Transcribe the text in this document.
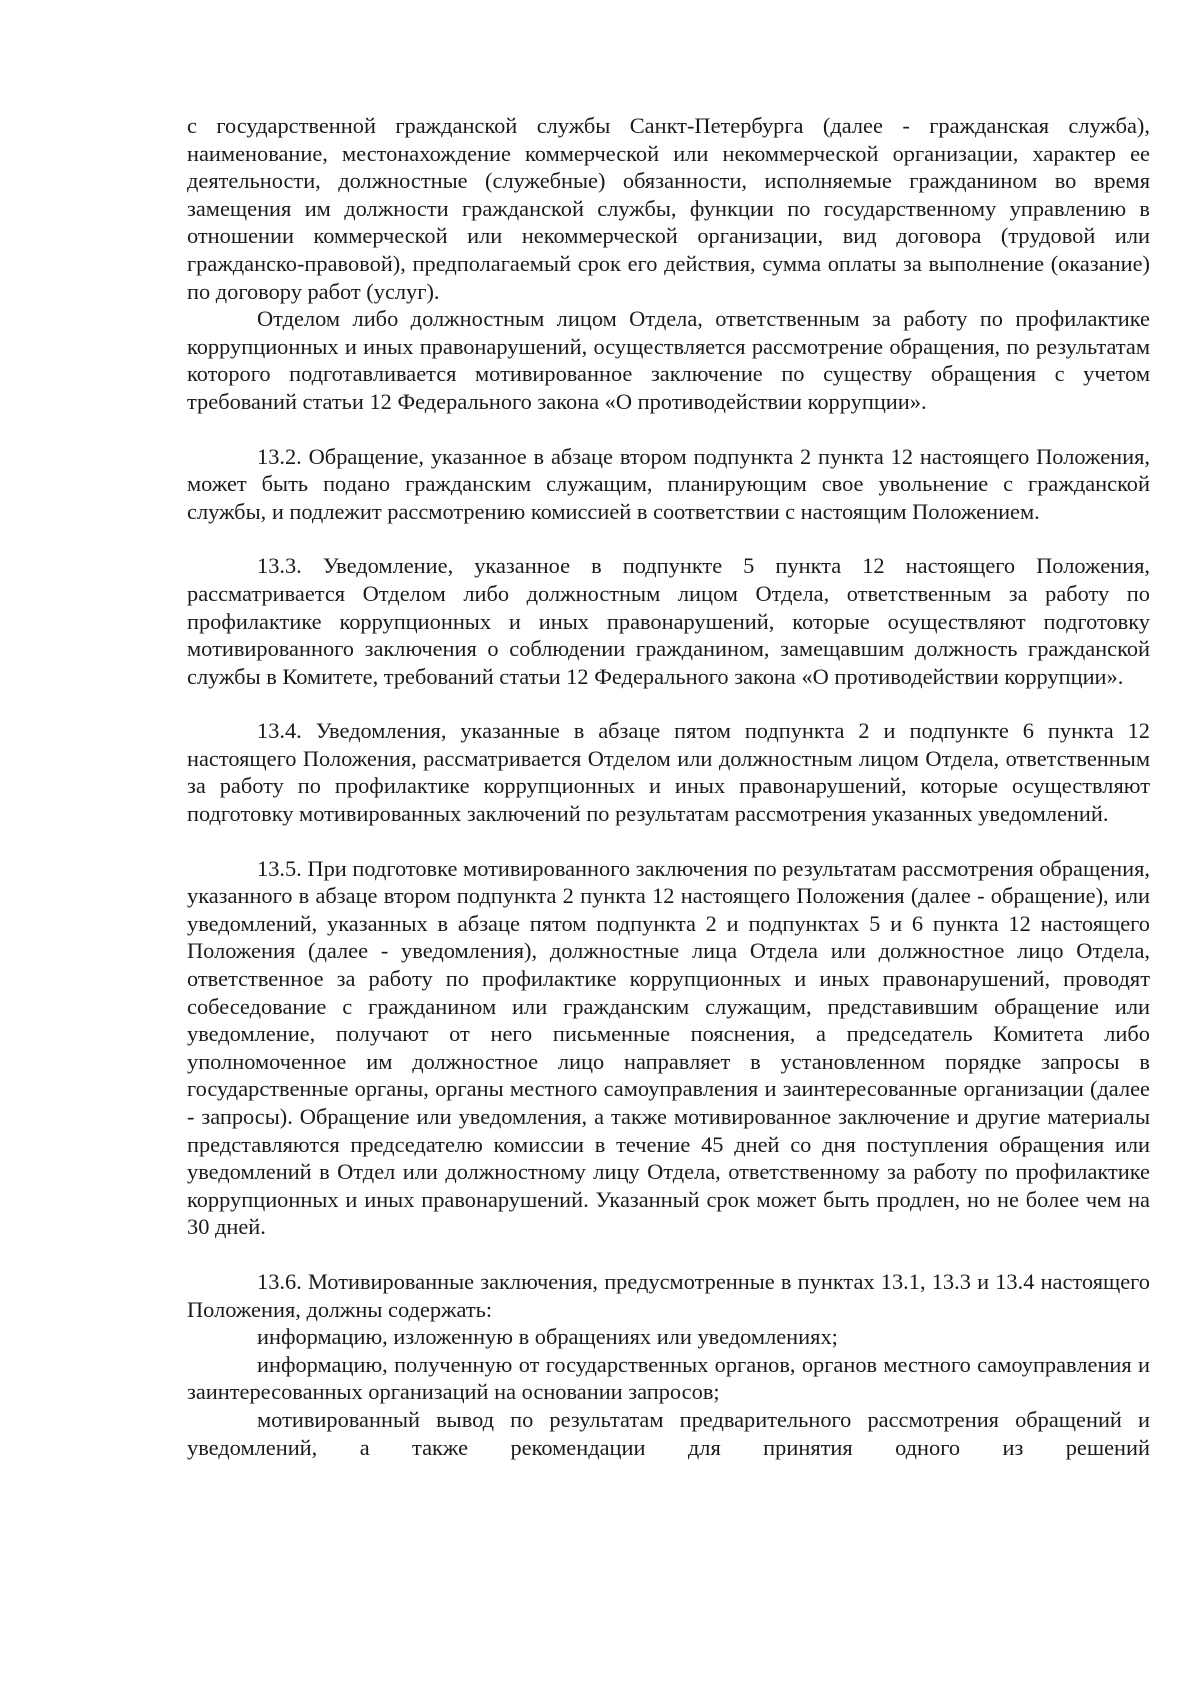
с государственной гражданской службы Санкт-Петербурга (далее - гражданская служба), наименование, местонахождение коммерческой или некоммерческой организации, характер ее деятельности, должностные (служебные) обязанности, исполняемые гражданином во время замещения им должности гражданской службы, функции по государственному управлению в отношении коммерческой или некоммерческой организации, вид договора (трудовой или гражданско-правовой), предполагаемый срок его действия, сумма оплаты за выполнение (оказание) по договору работ (услуг).

Отделом либо должностным лицом Отдела, ответственным за работу по профилактике коррупционных и иных правонарушений, осуществляется рассмотрение обращения, по результатам которого подготавливается мотивированное заключение по существу обращения с учетом требований статьи 12 Федерального закона «О противодействии коррупции».

13.2. Обращение, указанное в абзаце втором подпункта 2 пункта 12 настоящего Положения, может быть подано гражданским служащим, планирующим свое увольнение с гражданской службы, и подлежит рассмотрению комиссией в соответствии с настоящим Положением.

13.3. Уведомление, указанное в подпункте 5 пункта 12 настоящего Положения, рассматривается Отделом либо должностным лицом Отдела, ответственным за работу по профилактике коррупционных и иных правонарушений, которые осуществляют подготовку мотивированного заключения о соблюдении гражданином, замещавшим должность гражданской службы в Комитете, требований статьи 12 Федерального закона «О противодействии коррупции».

13.4. Уведомления, указанные в абзаце пятом подпункта 2 и подпункте 6 пункта 12 настоящего Положения, рассматривается Отделом или должностным лицом Отдела, ответственным за работу по профилактике коррупционных и иных правонарушений, которые осуществляют подготовку мотивированных заключений по результатам рассмотрения указанных уведомлений.

13.5. При подготовке мотивированного заключения по результатам рассмотрения обращения, указанного в абзаце втором подпункта 2 пункта 12 настоящего Положения (далее - обращение), или уведомлений, указанных в абзаце пятом подпункта 2 и подпунктах 5 и 6 пункта 12 настоящего Положения (далее - уведомления), должностные лица Отдела или должностное лицо Отдела, ответственное за работу по профилактике коррупционных и иных правонарушений, проводят собеседование с гражданином или гражданским служащим, представившим обращение или уведомление, получают от него письменные пояснения, а председатель Комитета либо уполномоченное им должностное лицо направляет в установленном порядке запросы в государственные органы, органы местного самоуправления и заинтересованные организации (далее - запросы). Обращение или уведомления, а также мотивированное заключение и другие материалы представляются председателю комиссии в течение 45 дней со дня поступления обращения или уведомлений в Отдел или должностному лицу Отдела, ответственному за работу по профилактике коррупционных и иных правонарушений. Указанный срок может быть продлен, но не более чем на 30 дней.

13.6. Мотивированные заключения, предусмотренные в пунктах 13.1, 13.3 и 13.4 настоящего Положения, должны содержать:

информацию, изложенную в обращениях или уведомлениях;

информацию, полученную от государственных органов, органов местного самоуправления и заинтересованных организаций на основании запросов;

мотивированный вывод по результатам предварительного рассмотрения обращений и уведомлений, а также рекомендации для принятия одного из решений
